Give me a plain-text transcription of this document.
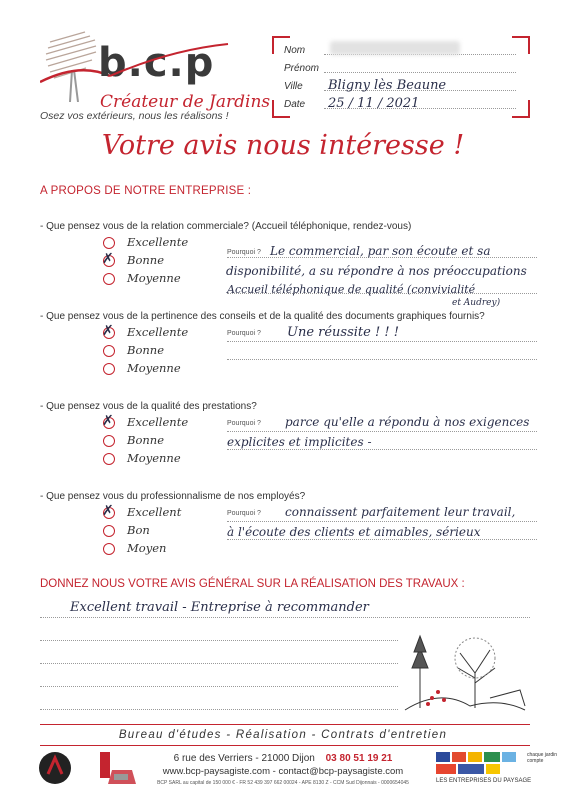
b.c.p
Créateur de Jardins
Osez vos extérieurs, nous les réalisons !
Nom
Prénom
Ville Bligny lès Beaune
Date 25 / 11 / 2021
Votre avis nous intéresse !
A PROPOS DE NOTRE ENTREPRISE :
- Que pensez vous de la relation commerciale? (Accueil téléphonique, rendez-vous)
Excellente
✗
Bonne
Moyenne
Pourquoi ? Le commercial, par son écoute et sa
disponibilité, a su répondre à nos préoccupations
Accueil téléphonique de qualité (convivialité
et Audrey)
- Que pensez vous de la pertinence des conseils et de la qualité des documents graphiques fournis?
✗
Excellente
Bonne
Moyenne
Pourquoi ? Une réussite ! ! !
- Que pensez vous de la qualité des prestations?
✗
Excellente
Bonne
Moyenne
Pourquoi ? parce qu'elle a répondu à nos exigences
explicites et implicites -
- Que pensez vous du professionnalisme de nos employés?
✗
Excellent
Bon
Moyen
Pourquoi ? connaissent parfaitement leur travail,
à l'écoute des clients et aimables, sérieux
DONNEZ NOUS VOTRE AVIS GÉNÉRAL SUR LA RÉALISATION DES TRAVAUX :
Excellent travail - Entreprise à recommander
Bureau d'études - Réalisation - Contrats d'entretien
6 rue des Verriers - 21000 Dijon 03 80 51 19 21
www.bcp-paysagiste.com - contact@bcp-paysagiste.com
BCP SARL au capital de 150 000 € - FR 52 439 397 662 00024 - APE 8130 Z - CCM Sud Dijonnais - 0000654045
chaque jardin compte
LES ENTREPRISES DU PAYSAGE
